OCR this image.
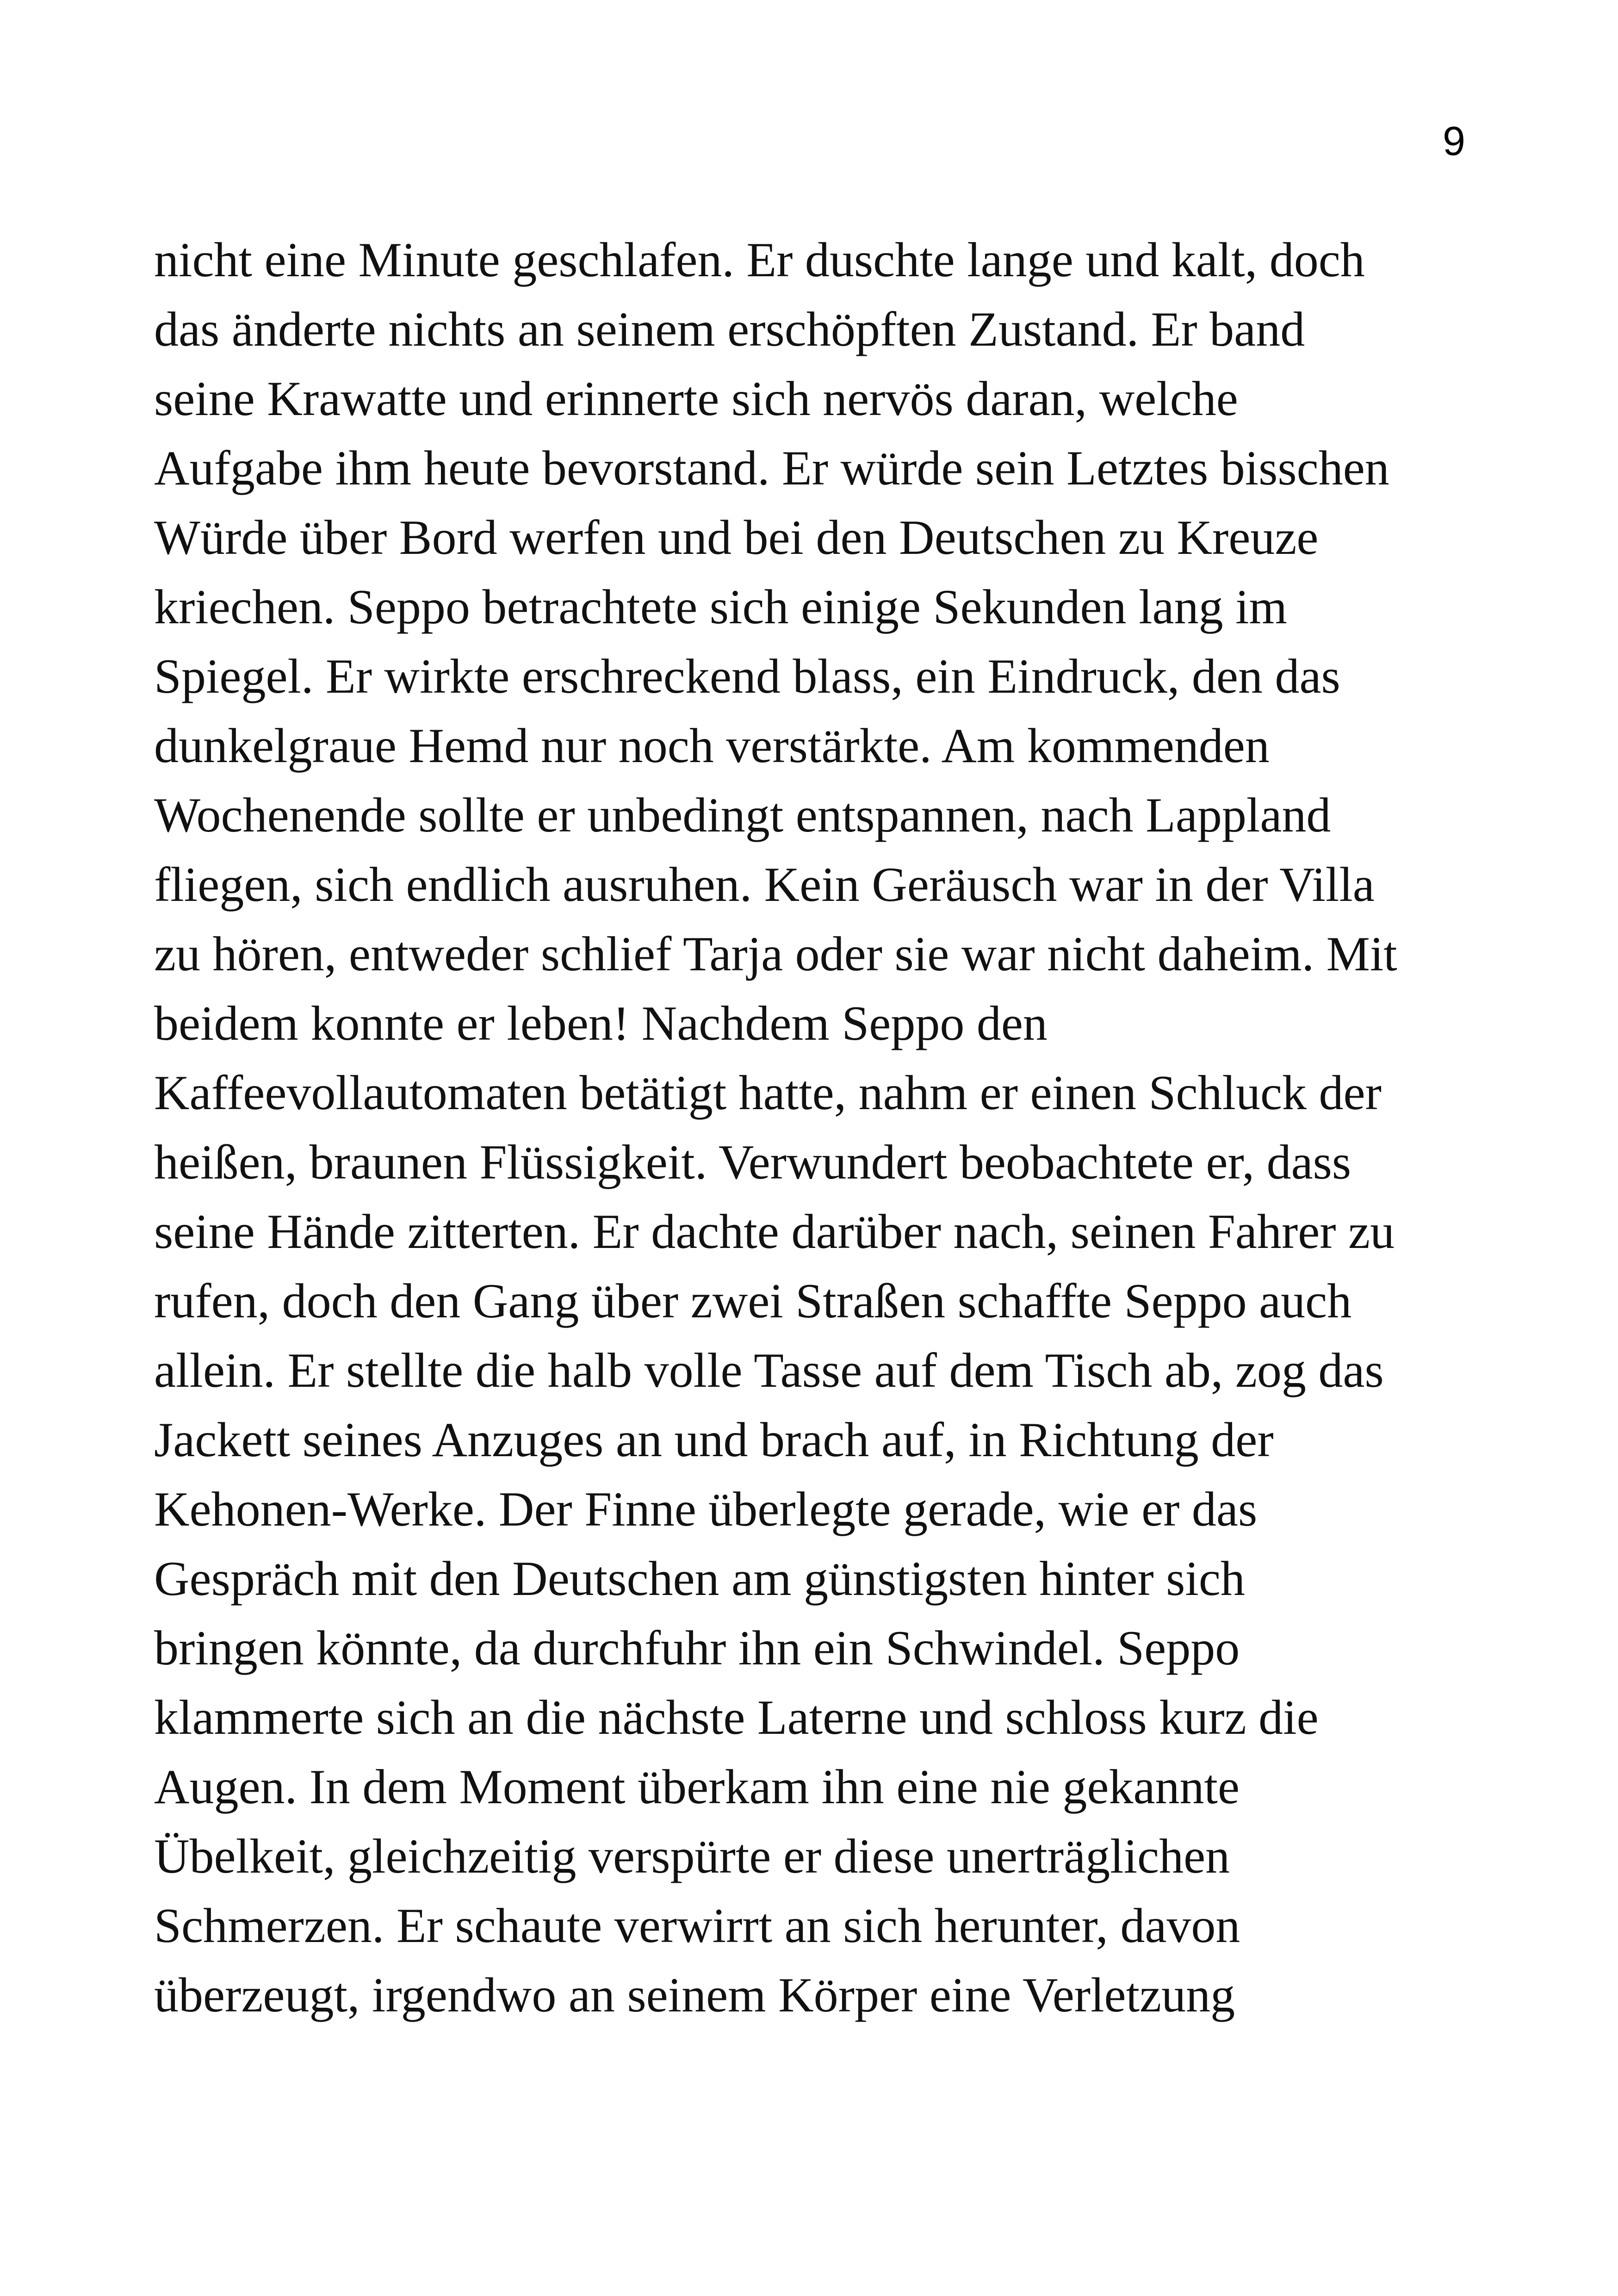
9
nicht eine Minute geschlafen. Er duschte lange und kalt, doch
das änderte nichts an seinem erschöpften Zustand. Er band
seine Krawatte und erinnerte sich nervös daran, welche
Aufgabe ihm heute bevorstand. Er würde sein Letztes bisschen
Würde über Bord werfen und bei den Deutschen zu Kreuze
kriechen. Seppo betrachtete sich einige Sekunden lang im
Spiegel. Er wirkte erschreckend blass, ein Eindruck, den das
dunkelgraue Hemd nur noch verstärkte. Am kommenden
Wochenende sollte er unbedingt entspannen, nach Lappland
fliegen, sich endlich ausruhen. Kein Geräusch war in der Villa
zu hören, entweder schlief Tarja oder sie war nicht daheim. Mit
beidem konnte er leben! Nachdem Seppo den
Kaffeevollautomaten betätigt hatte, nahm er einen Schluck der
heißen, braunen Flüssigkeit. Verwundert beobachtete er, dass
seine Hände zitterten. Er dachte darüber nach, seinen Fahrer zu
rufen, doch den Gang über zwei Straßen schaffte Seppo auch
allein. Er stellte die halb volle Tasse auf dem Tisch ab, zog das
Jackett seines Anzuges an und brach auf, in Richtung der
Kehonen-Werke. Der Finne überlegte gerade, wie er das
Gespräch mit den Deutschen am günstigsten hinter sich
bringen könnte, da durchfuhr ihn ein Schwindel. Seppo
klammerte sich an die nächste Laterne und schloss kurz die
Augen. In dem Moment überkam ihn eine nie gekannte
Übelkeit, gleichzeitig verspürte er diese unerträglichen
Schmerzen. Er schaute verwirrt an sich herunter, davon
überzeugt, irgendwo an seinem Körper eine Verletzung
